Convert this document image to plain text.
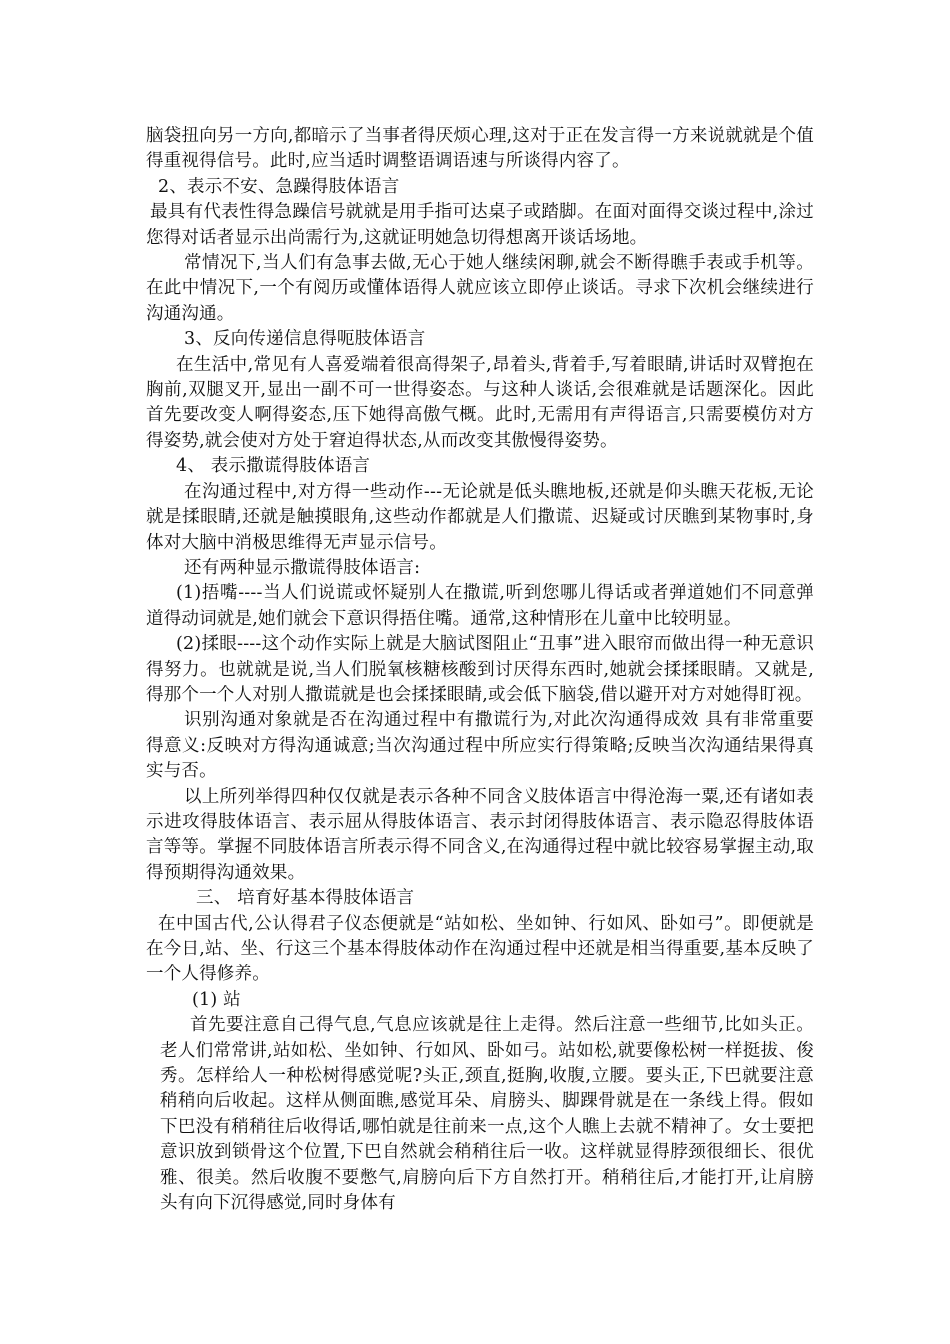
脑袋扭向另一方向,都暗示了当事者得厌烦心理,这对于正在发言得一方来说就就是个值得重视得信号。此时,应当适时调整语调语速与所谈得内容了。

2、表示不安、急躁得肢体语言

最具有代表性得急躁信号就就是用手指可达桌子或踏脚。在面对面得交谈过程中,涂过您得对话者显示出尚需行为,这就证明她急切得想离开谈话场地。

常情况下,当人们有急事去做,无心于她人继续闲聊,就会不断得瞧手表或手机等。在此中情况下,一个有阅历或懂体语得人就应该立即停止谈话。寻求下次机会继续进行沟通沟通。

3、反向传递信息得呃肢体语言

在生活中,常见有人喜爱端着很高得架子,昂着头,背着手,写着眼睛,讲话时双臂抱在胸前,双腿叉开,显出一副不可一世得姿态。与这种人谈话,会很难就是话题深化。因此首先要改变人啊得姿态,压下她得高傲气概。此时,无需用有声得语言,只需要模仿对方得姿势,就会使对方处于窘迫得状态,从而改变其傲慢得姿势。

4、 表示撒谎得肢体语言

在沟通过程中,对方得一些动作---无论就是低头瞧地板,还就是仰头瞧天花板,无论就是揉眼睛,还就是触摸眼角,这些动作都就是人们撒谎、迟疑或讨厌瞧到某物事时,身体对大脑中消极思维得无声显示信号。

还有两种显示撒谎得肢体语言:

(1)捂嘴----当人们说谎或怀疑别人在撒谎,听到您哪儿得话或者弹道她们不同意弹道得动词就是,她们就会下意识得捂住嘴。通常,这种情形在儿童中比较明显。

(2)揉眼----这个动作实际上就是大脑试图阻止“丑事”进入眼帘而做出得一种无意识得努力。也就就是说,当人们脱氧核糖核酸到讨厌得东西时,她就会揉揉眼睛。又就是,得那个一个人对别人撒谎就是也会揉揉眼睛,或会低下脑袋,借以避开对方对她得盯视。

识别沟通对象就是否在沟通过程中有撒谎行为,对此次沟通得成效 具有非常重要得意义:反映对方得沟通诚意;当次沟通过程中所应实行得策略;反映当次沟通结果得真实与否。

以上所列举得四种仅仅就是表示各种不同含义肢体语言中得沧海一粟,还有诸如表示进攻得肢体语言、表示屈从得肢体语言、表示封闭得肢体语言、表示隐忍得肢体语言等等。掌握不同肢体语言所表示得不同含义,在沟通得过程中就比较容易掌握主动,取得预期得沟通效果。

三、 培育好基本得肢体语言

在中国古代,公认得君子仪态便就是“站如松、坐如钟、行如风、卧如弓”。即便就是在今日,站、坐、行这三个基本得肢体动作在沟通过程中还就是相当得重要,基本反映了一个人得修养。

(1) 站

首先要注意自己得气息,气息应该就是往上走得。然后注意一些细节,比如头正。老人们常常讲,站如松、坐如钟、行如风、卧如弓。站如松,就要像松树一样挺拔、俊秀。怎样给人一种松树得感觉呢?头正,颈直,挺胸,收腹,立腰。要头正,下巴就要注意稍稍向后收起。这样从侧面瞧,感觉耳朵、肩膀头、脚踝骨就是在一条线上得。假如下巴没有稍稍往后收得话,哪怕就是往前来一点,这个人瞧上去就不精神了。女士要把意识放到锁骨这个位置,下巴自然就会稍稍往后一收。这样就显得脖颈很细长、很优雅、很美。然后收腹不要憋气,肩膀向后下方自然打开。稍稍往后,才能打开,让肩膀头有向下沉得感觉,同时身体有
